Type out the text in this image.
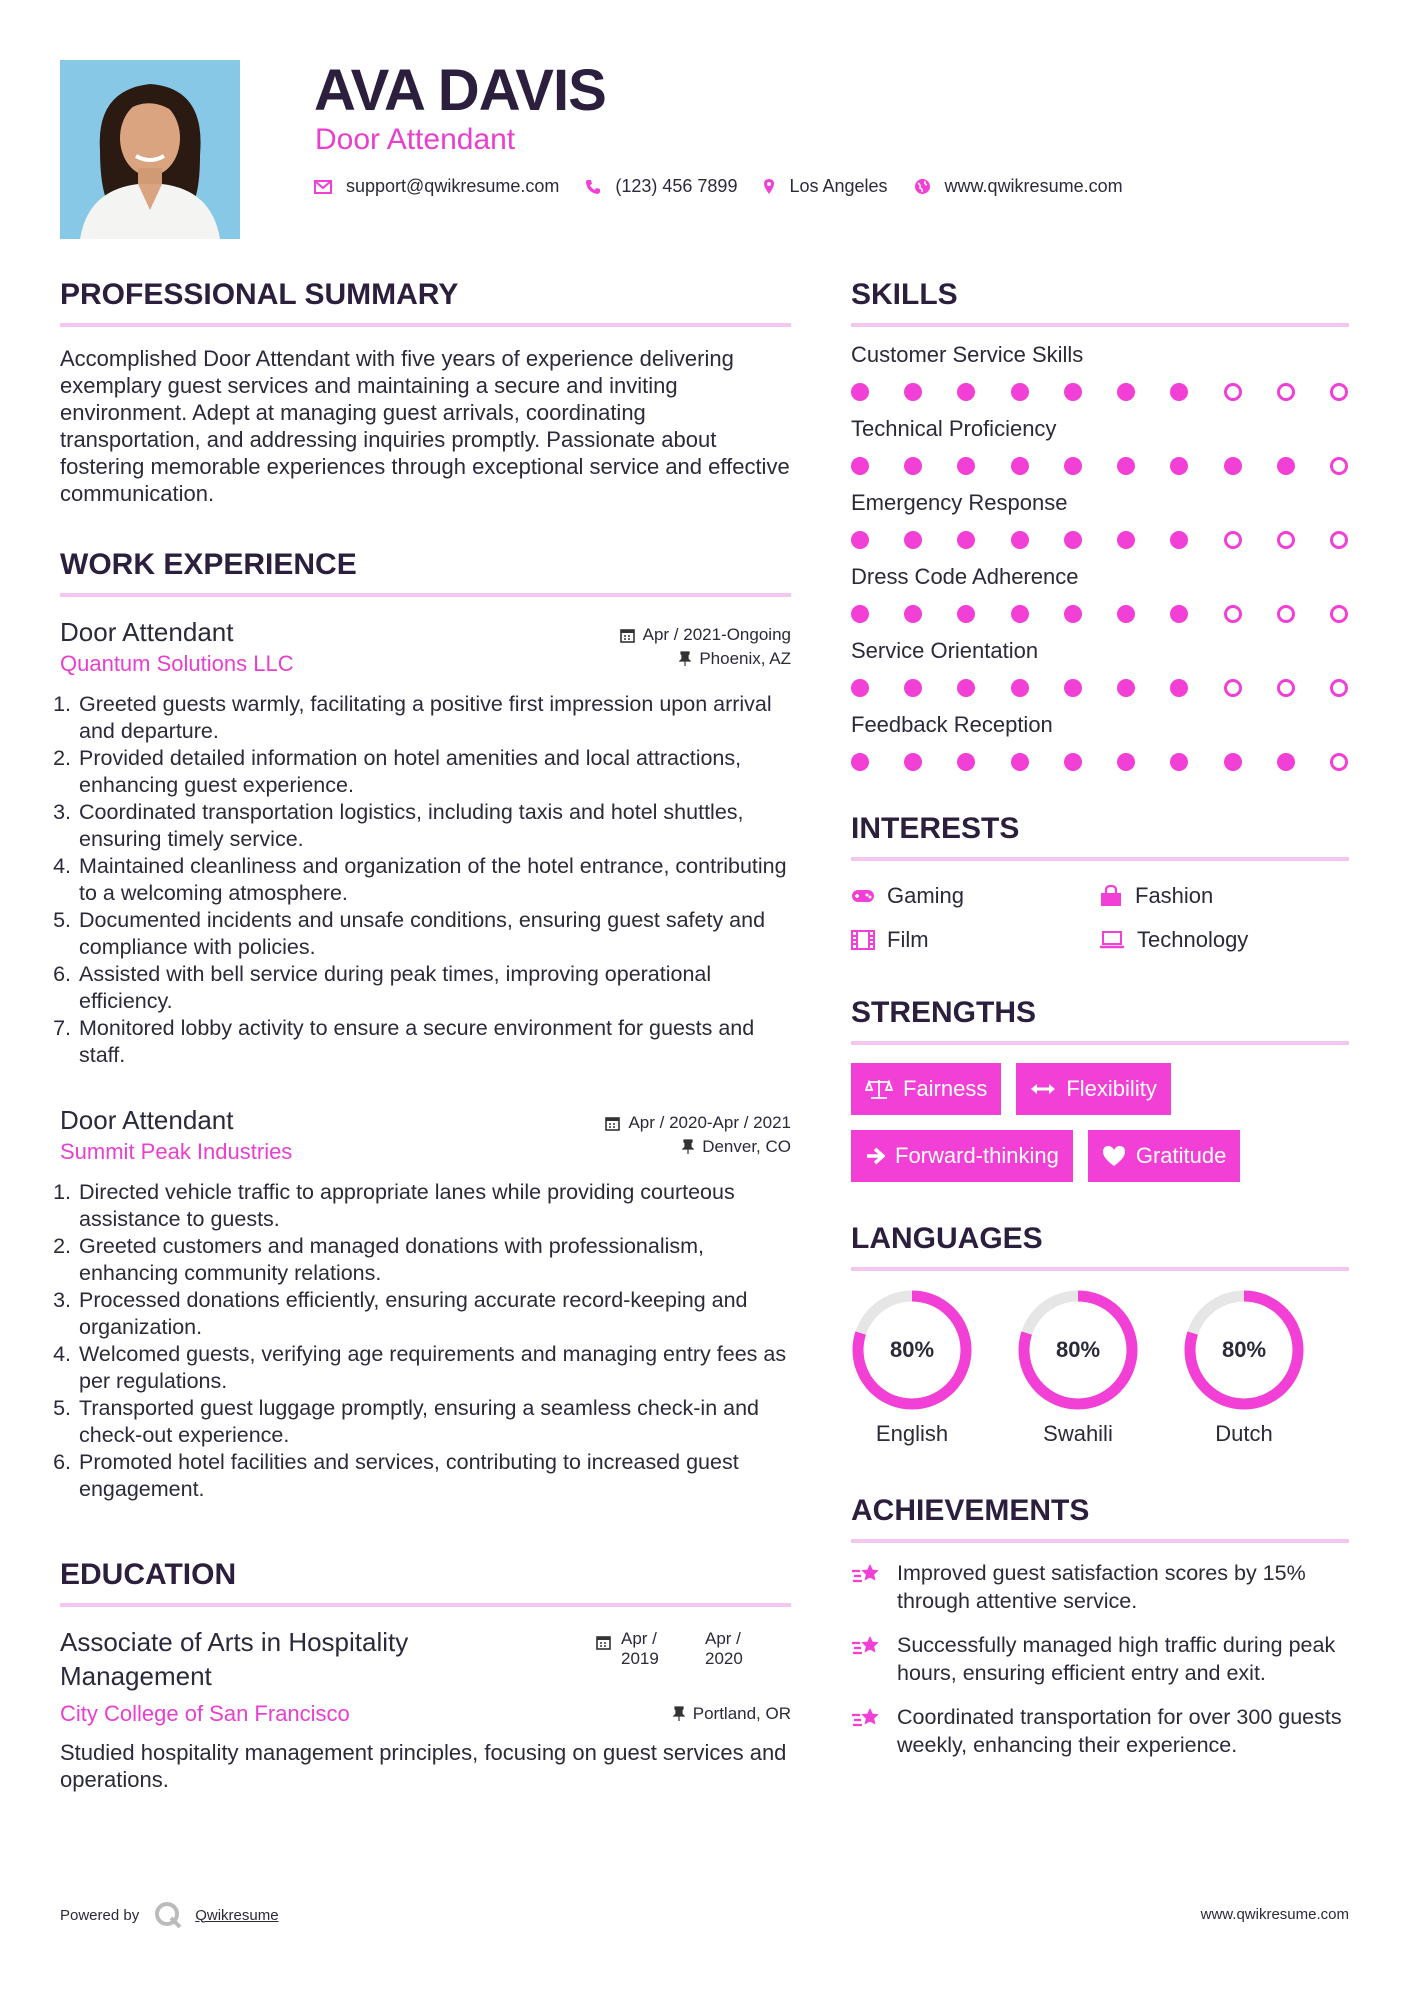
AVA DAVIS
Door Attendant
support@qwikresume.com	(123) 456 7899	Los Angeles	www.qwikresume.com
PROFESSIONAL SUMMARY
Accomplished Door Attendant with five years of experience delivering exemplary guest services and maintaining a secure and inviting environment. Adept at managing guest arrivals, coordinating transportation, and addressing inquiries promptly. Passionate about fostering memorable experiences through exceptional service and effective communication.
WORK EXPERIENCE
Door Attendant	Apr / 2021-Ongoing
Quantum Solutions LLC	Phoenix, AZ
1. Greeted guests warmly, facilitating a positive first impression upon arrival and departure.
2. Provided detailed information on hotel amenities and local attractions, enhancing guest experience.
3. Coordinated transportation logistics, including taxis and hotel shuttles, ensuring timely service.
4. Maintained cleanliness and organization of the hotel entrance, contributing to a welcoming atmosphere.
5. Documented incidents and unsafe conditions, ensuring guest safety and compliance with policies.
6. Assisted with bell service during peak times, improving operational efficiency.
7. Monitored lobby activity to ensure a secure environment for guests and staff.
Door Attendant	Apr / 2020-Apr / 2021
Summit Peak Industries	Denver, CO
1. Directed vehicle traffic to appropriate lanes while providing courteous assistance to guests.
2. Greeted customers and managed donations with professionalism, enhancing community relations.
3. Processed donations efficiently, ensuring accurate record-keeping and organization.
4. Welcomed guests, verifying age requirements and managing entry fees as per regulations.
5. Transported guest luggage promptly, ensuring a seamless check-in and check-out experience.
6. Promoted hotel facilities and services, contributing to increased guest engagement.
EDUCATION
Associate of Arts in Hospitality Management
Apr / 2019
Apr / 2020
City College of San Francisco	Portland, OR
Studied hospitality management principles, focusing on guest services and operations.
SKILLS
Customer Service Skills
Technical Proficiency
Emergency Response
Dress Code Adherence
Service Orientation
Feedback Reception
INTERESTS
Gaming	Fashion
Film	Technology
STRENGTHS
Fairness	Flexibility
Forward-thinking	Gratitude
LANGUAGES
80%
English
80%
Swahili
80%
Dutch
ACHIEVEMENTS
Improved guest satisfaction scores by 15% through attentive service.
Successfully managed high traffic during peak hours, ensuring efficient entry and exit.
Coordinated transportation for over 300 guests weekly, enhancing their experience.
Powered by	Qwikresume	www.qwikresume.com
